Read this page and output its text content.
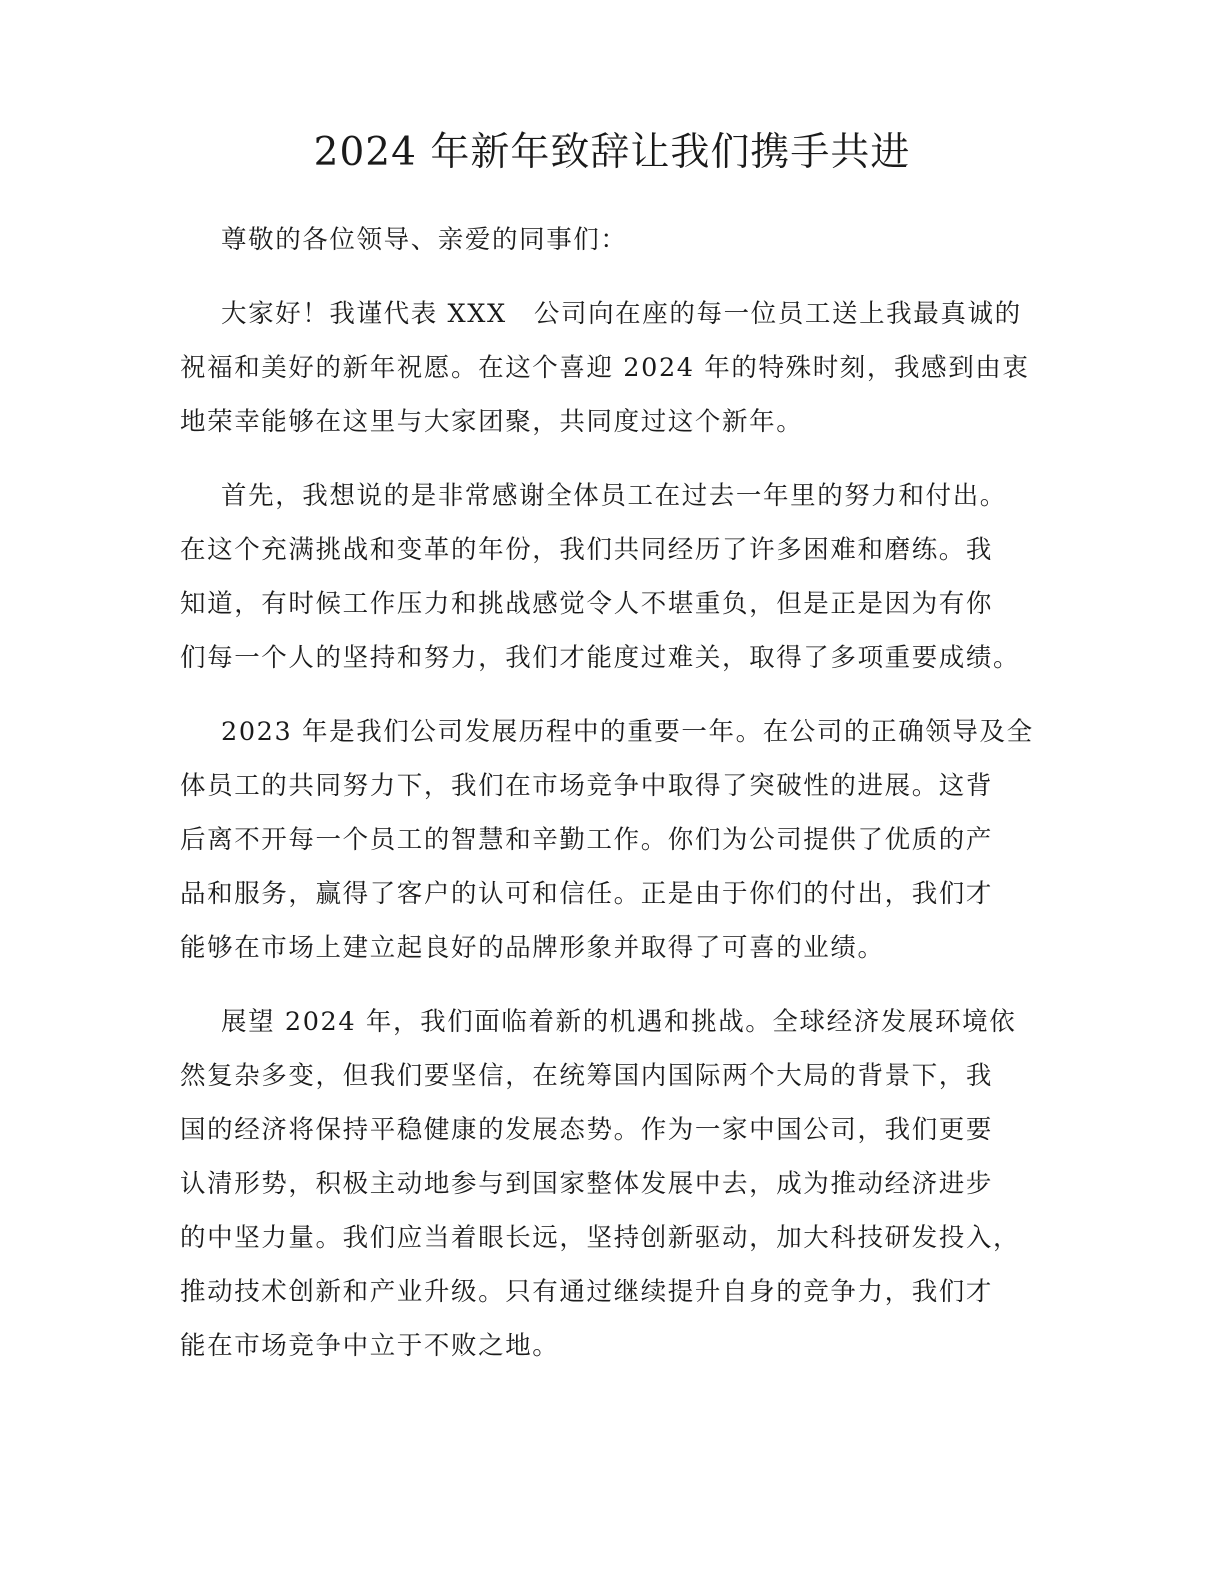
2024 年新年致辞让我们携手共进

尊敬的各位领导、亲爱的同事们：

大家好！我谨代表 XXX　公司向在座的每一位员工送上我最真诚的

祝福和美好的新年祝愿。在这个喜迎 2024 年的特殊时刻，我感到由衷

地荣幸能够在这里与大家团聚，共同度过这个新年。

首先，我想说的是非常感谢全体员工在过去一年里的努力和付出。

在这个充满挑战和变革的年份，我们共同经历了许多困难和磨练。我

知道，有时候工作压力和挑战感觉令人不堪重负，但是正是因为有你

们每一个人的坚持和努力，我们才能度过难关，取得了多项重要成绩。

2023 年是我们公司发展历程中的重要一年。在公司的正确领导及全

体员工的共同努力下，我们在市场竞争中取得了突破性的进展。这背

后离不开每一个员工的智慧和辛勤工作。你们为公司提供了优质的产

品和服务，赢得了客户的认可和信任。正是由于你们的付出，我们才

能够在市场上建立起良好的品牌形象并取得了可喜的业绩。

展望 2024 年，我们面临着新的机遇和挑战。全球经济发展环境依

然复杂多变，但我们要坚信，在统筹国内国际两个大局的背景下，我

国的经济将保持平稳健康的发展态势。作为一家中国公司，我们更要

认清形势，积极主动地参与到国家整体发展中去，成为推动经济进步

的中坚力量。我们应当着眼长远，坚持创新驱动，加大科技研发投入，

推动技术创新和产业升级。只有通过继续提升自身的竞争力，我们才

能在市场竞争中立于不败之地。
